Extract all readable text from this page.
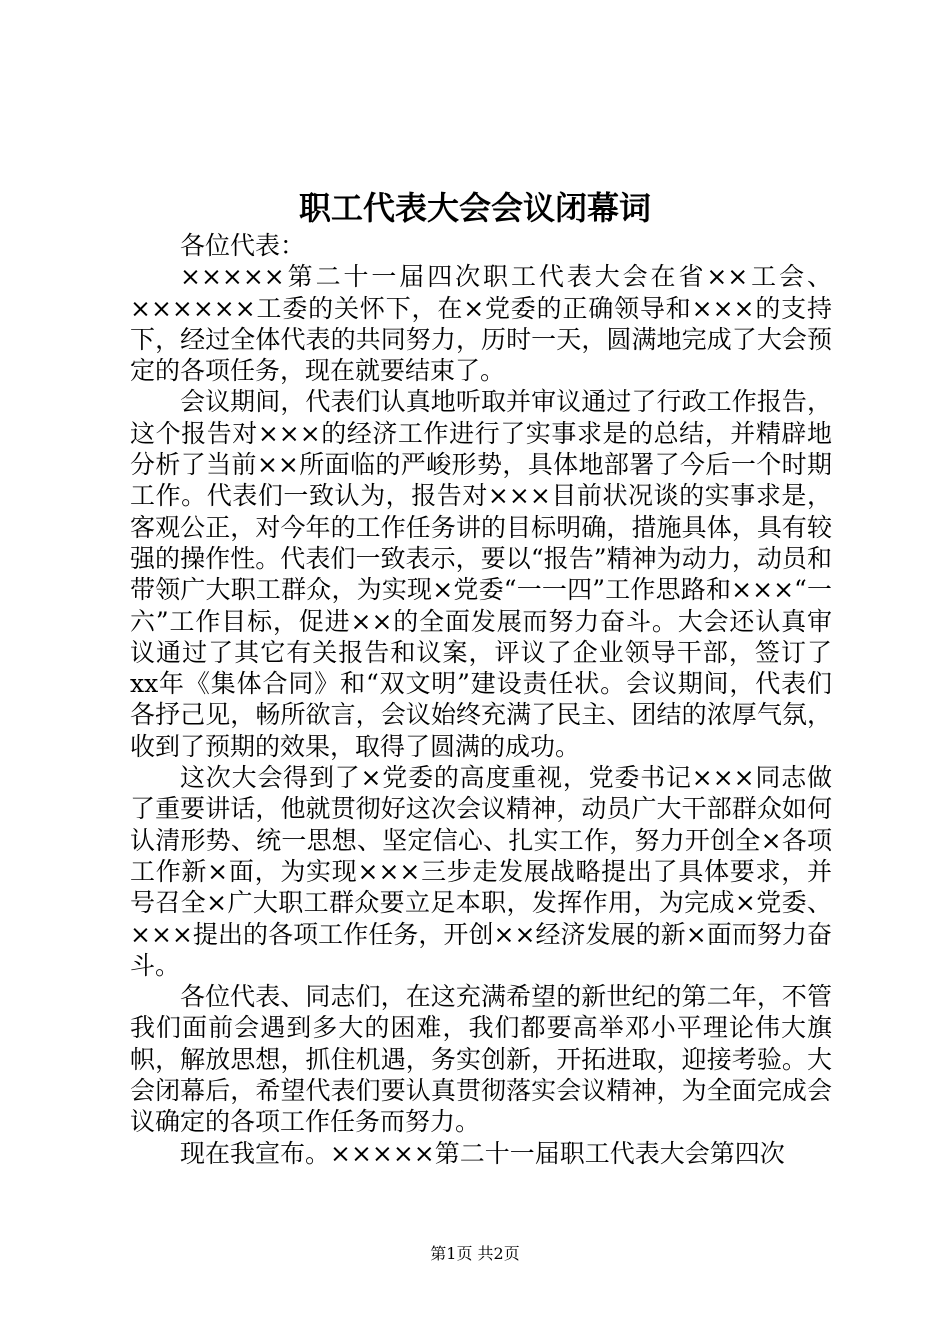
职工代表大会会议闭幕词

各位代表：

×××××第二十一届四次职工代表大会在省××工会、××××××工委的关怀下，在×党委的正确领导和×××的支持下，经过全体代表的共同努力，历时一天，圆满地完成了大会预定的各项任务，现在就要结束了。

会议期间，代表们认真地听取并审议通过了行政工作报告，这个报告对×××的经济工作进行了实事求是的总结，并精辟地分析了当前××所面临的严峻形势，具体地部署了今后一个时期工作。代表们一致认为，报告对×××目前状况谈的实事求是，客观公正，对今年的工作任务讲的目标明确，措施具体，具有较强的操作性。代表们一致表示，要以“报告”精神为动力，动员和带领广大职工群众，为实现×党委“一一四”工作思路和×××“一六”工作目标，促进××的全面发展而努力奋斗。大会还认真审议通过了其它有关报告和议案，评议了企业领导干部，签订了xx年《集体合同》和“双文明”建设责任状。会议期间，代表们各抒己见，畅所欲言，会议始终充满了民主、团结的浓厚气氛，收到了预期的效果，取得了圆满的成功。

这次大会得到了×党委的高度重视，党委书记×××同志做了重要讲话，他就贯彻好这次会议精神，动员广大干部群众如何认清形势、统一思想、坚定信心、扎实工作，努力开创全×各项工作新×面，为实现×××三步走发展战略提出了具体要求，并号召全×广大职工群众要立足本职，发挥作用，为完成×党委、×××提出的各项工作任务，开创××经济发展的新×面而努力奋斗。

各位代表、同志们，在这充满希望的新世纪的第二年，不管我们面前会遇到多大的困难，我们都要高举邓小平理论伟大旗帜，解放思想，抓住机遇，务实创新，开拓进取，迎接考验。大会闭幕后，希望代表们要认真贯彻落实会议精神，为全面完成会议确定的各项工作任务而努力。

现在我宣布。×××××第二十一届职工代表大会第四次

第1页 共2页
